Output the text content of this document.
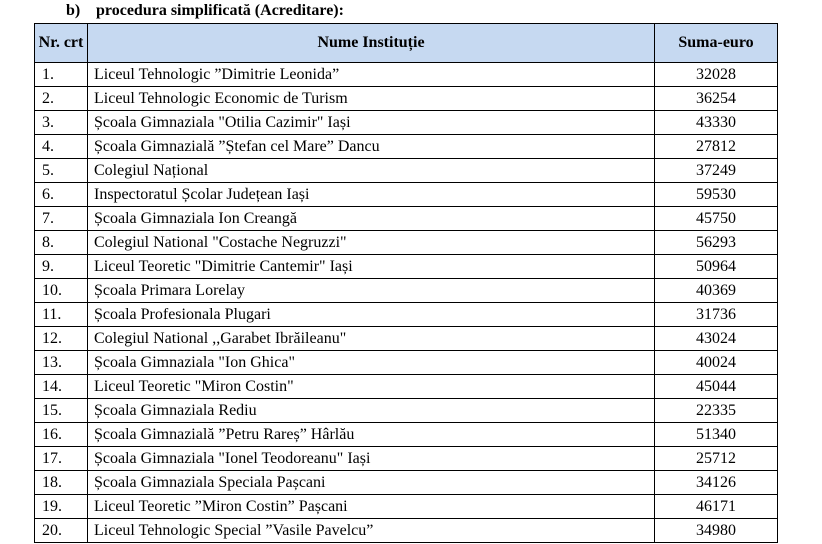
b) procedura simplificată (Acreditare):
Nr. crt	Nume Instituție	Suma-euro
1.	Liceul Tehnologic ”Dimitrie Leonida”	32028
2.	Liceul Tehnologic Economic de Turism	36254
3.	Școala Gimnaziala "Otilia Cazimir" Iași	43330
4.	Școala Gimnazială ”Ștefan cel Mare” Dancu	27812
5.	Colegiul Național	37249
6.	Inspectoratul Școlar Județean Iași	59530
7.	Școala Gimnaziala Ion Creangă	45750
8.	Colegiul National "Costache Negruzzi"	56293
9.	Liceul Teoretic "Dimitrie Cantemir" Iași	50964
10.	Școala Primara Lorelay	40369
11.	Școala Profesionala Plugari	31736
12.	Colegiul National ,,Garabet Ibrăileanu"	43024
13.	Școala Gimnaziala "Ion Ghica"	40024
14.	Liceul Teoretic "Miron Costin"	45044
15.	Școala Gimnaziala Rediu	22335
16.	Școala Gimnazială ”Petru Rareș” Hârlău	51340
17.	Școala Gimnaziala "Ionel Teodoreanu" Iași	25712
18.	Școala Gimnaziala Speciala Pașcani	34126
19.	Liceul Teoretic ”Miron Costin” Pașcani	46171
20.	Liceul Tehnologic Special ”Vasile Pavelcu”	34980
